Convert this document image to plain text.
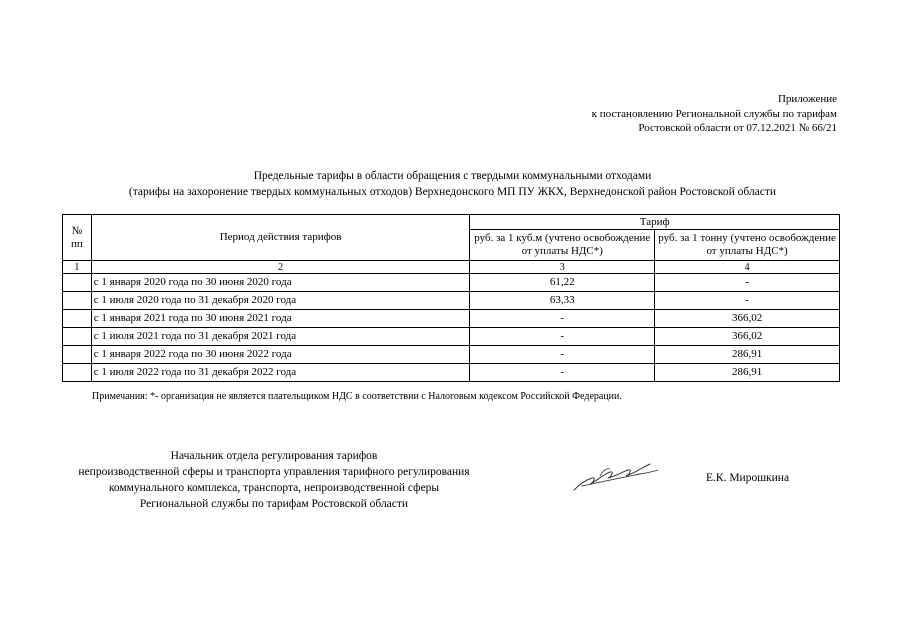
Приложение
к постановлению Региональной службы по тарифам
Ростовской области от 07.12.2021 № 66/21
Предельные тарифы в области обращения с твердыми коммунальными отходами
(тарифы на захоронение твердых коммунальных отходов) Верхнедонского МП ПУ ЖКХ, Верхнедонской район Ростовской области
№
пп	Период действия тарифов	Тариф	
		руб. за 1 куб.м (учтено освобождение от уплаты НДС*)	руб. за 1 тонну (учтено освобождение от уплаты НДС*)
1	2	3	4
	с 1 января 2020 года по 30 июня 2020 года	61,22	-
	с 1 июля 2020 года по 31 декабря 2020 года	63,33	-
	с 1 января 2021 года по 30 июня 2021 года	-	366,02
	с 1 июля 2021 года по 31 декабря 2021 года	-	366,02
	с 1 января 2022 года по 30 июня 2022 года	-	286,91
	с 1 июля 2022 года по 31 декабря 2022 года	-	286,91
Примечания: *- организация не является плательщиком НДС в соответствии с Налоговым кодексом Российской Федерации.
Начальник отдела регулирования тарифов
непроизводственной сферы и транспорта управления тарифного регулирования
коммунального комплекса, транспорта, непроизводственной сферы
Региональной службы по тарифам Ростовской области
Е.К. Мирошкина
